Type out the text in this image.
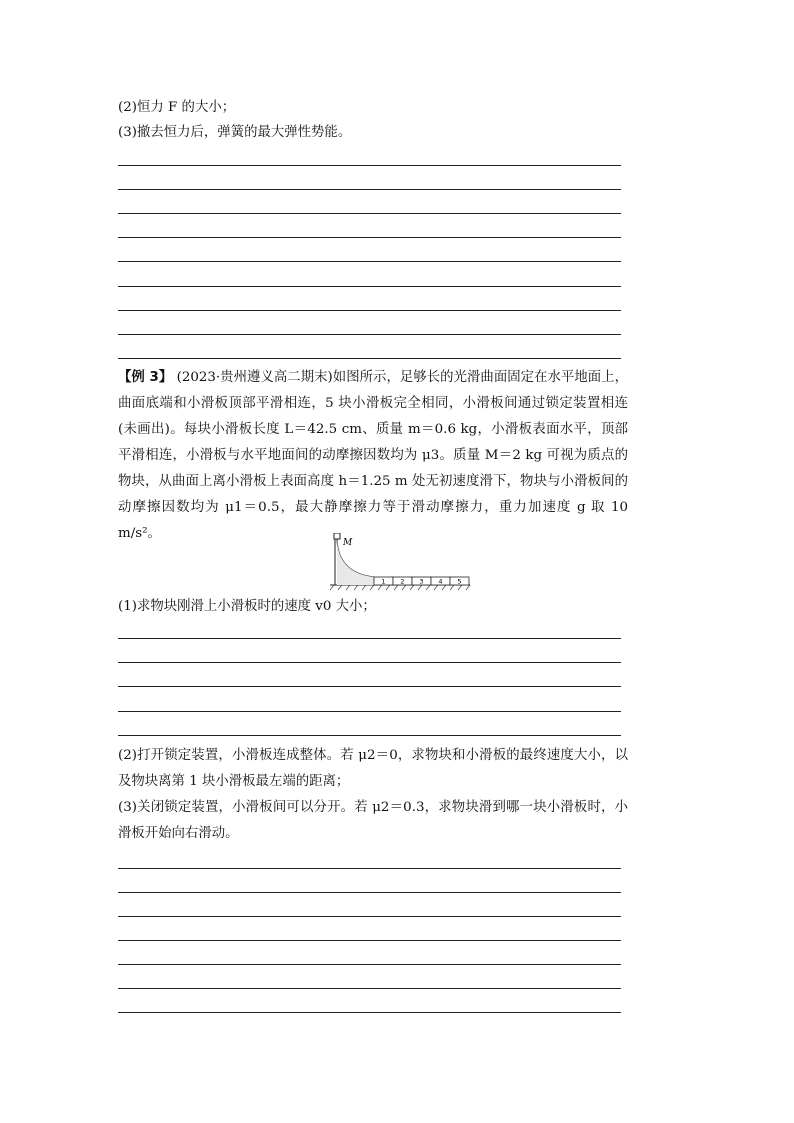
(2)恒力 F 的大小；
(3)撤去恒力后，弹簧的最大弹性势能。
【例 3】 (2023·贵州遵义高二期末)如图所示，足够长的光滑曲面固定在水平地面上，曲面底端和小滑板顶部平滑相连，5 块小滑板完全相同，小滑板间通过锁定装置相连(未画出)。每块小滑板长度 L＝42.5 cm、质量 m＝0.6 kg，小滑板表面水平，顶部平滑相连，小滑板与水平地面间的动摩擦因数均为 μ3。质量 M＝2 kg 可视为质点的物块，从曲面上离小滑板上表面高度 h＝1.25 m 处无初速度滑下，物块与小滑板间的动摩擦因数均为 μ1＝0.5，最大静摩擦力等于滑动摩擦力，重力加速度 g 取 10 m/s²。
M
1 2 3 4 5
(1)求物块刚滑上小滑板时的速度 v0 大小；
(2)打开锁定装置，小滑板连成整体。若 μ2＝0，求物块和小滑板的最终速度大小，以及物块离第 1 块小滑板最左端的距离；
(3)关闭锁定装置，小滑板间可以分开。若 μ2＝0.3，求物块滑到哪一块小滑板时，小滑板开始向右滑动。
